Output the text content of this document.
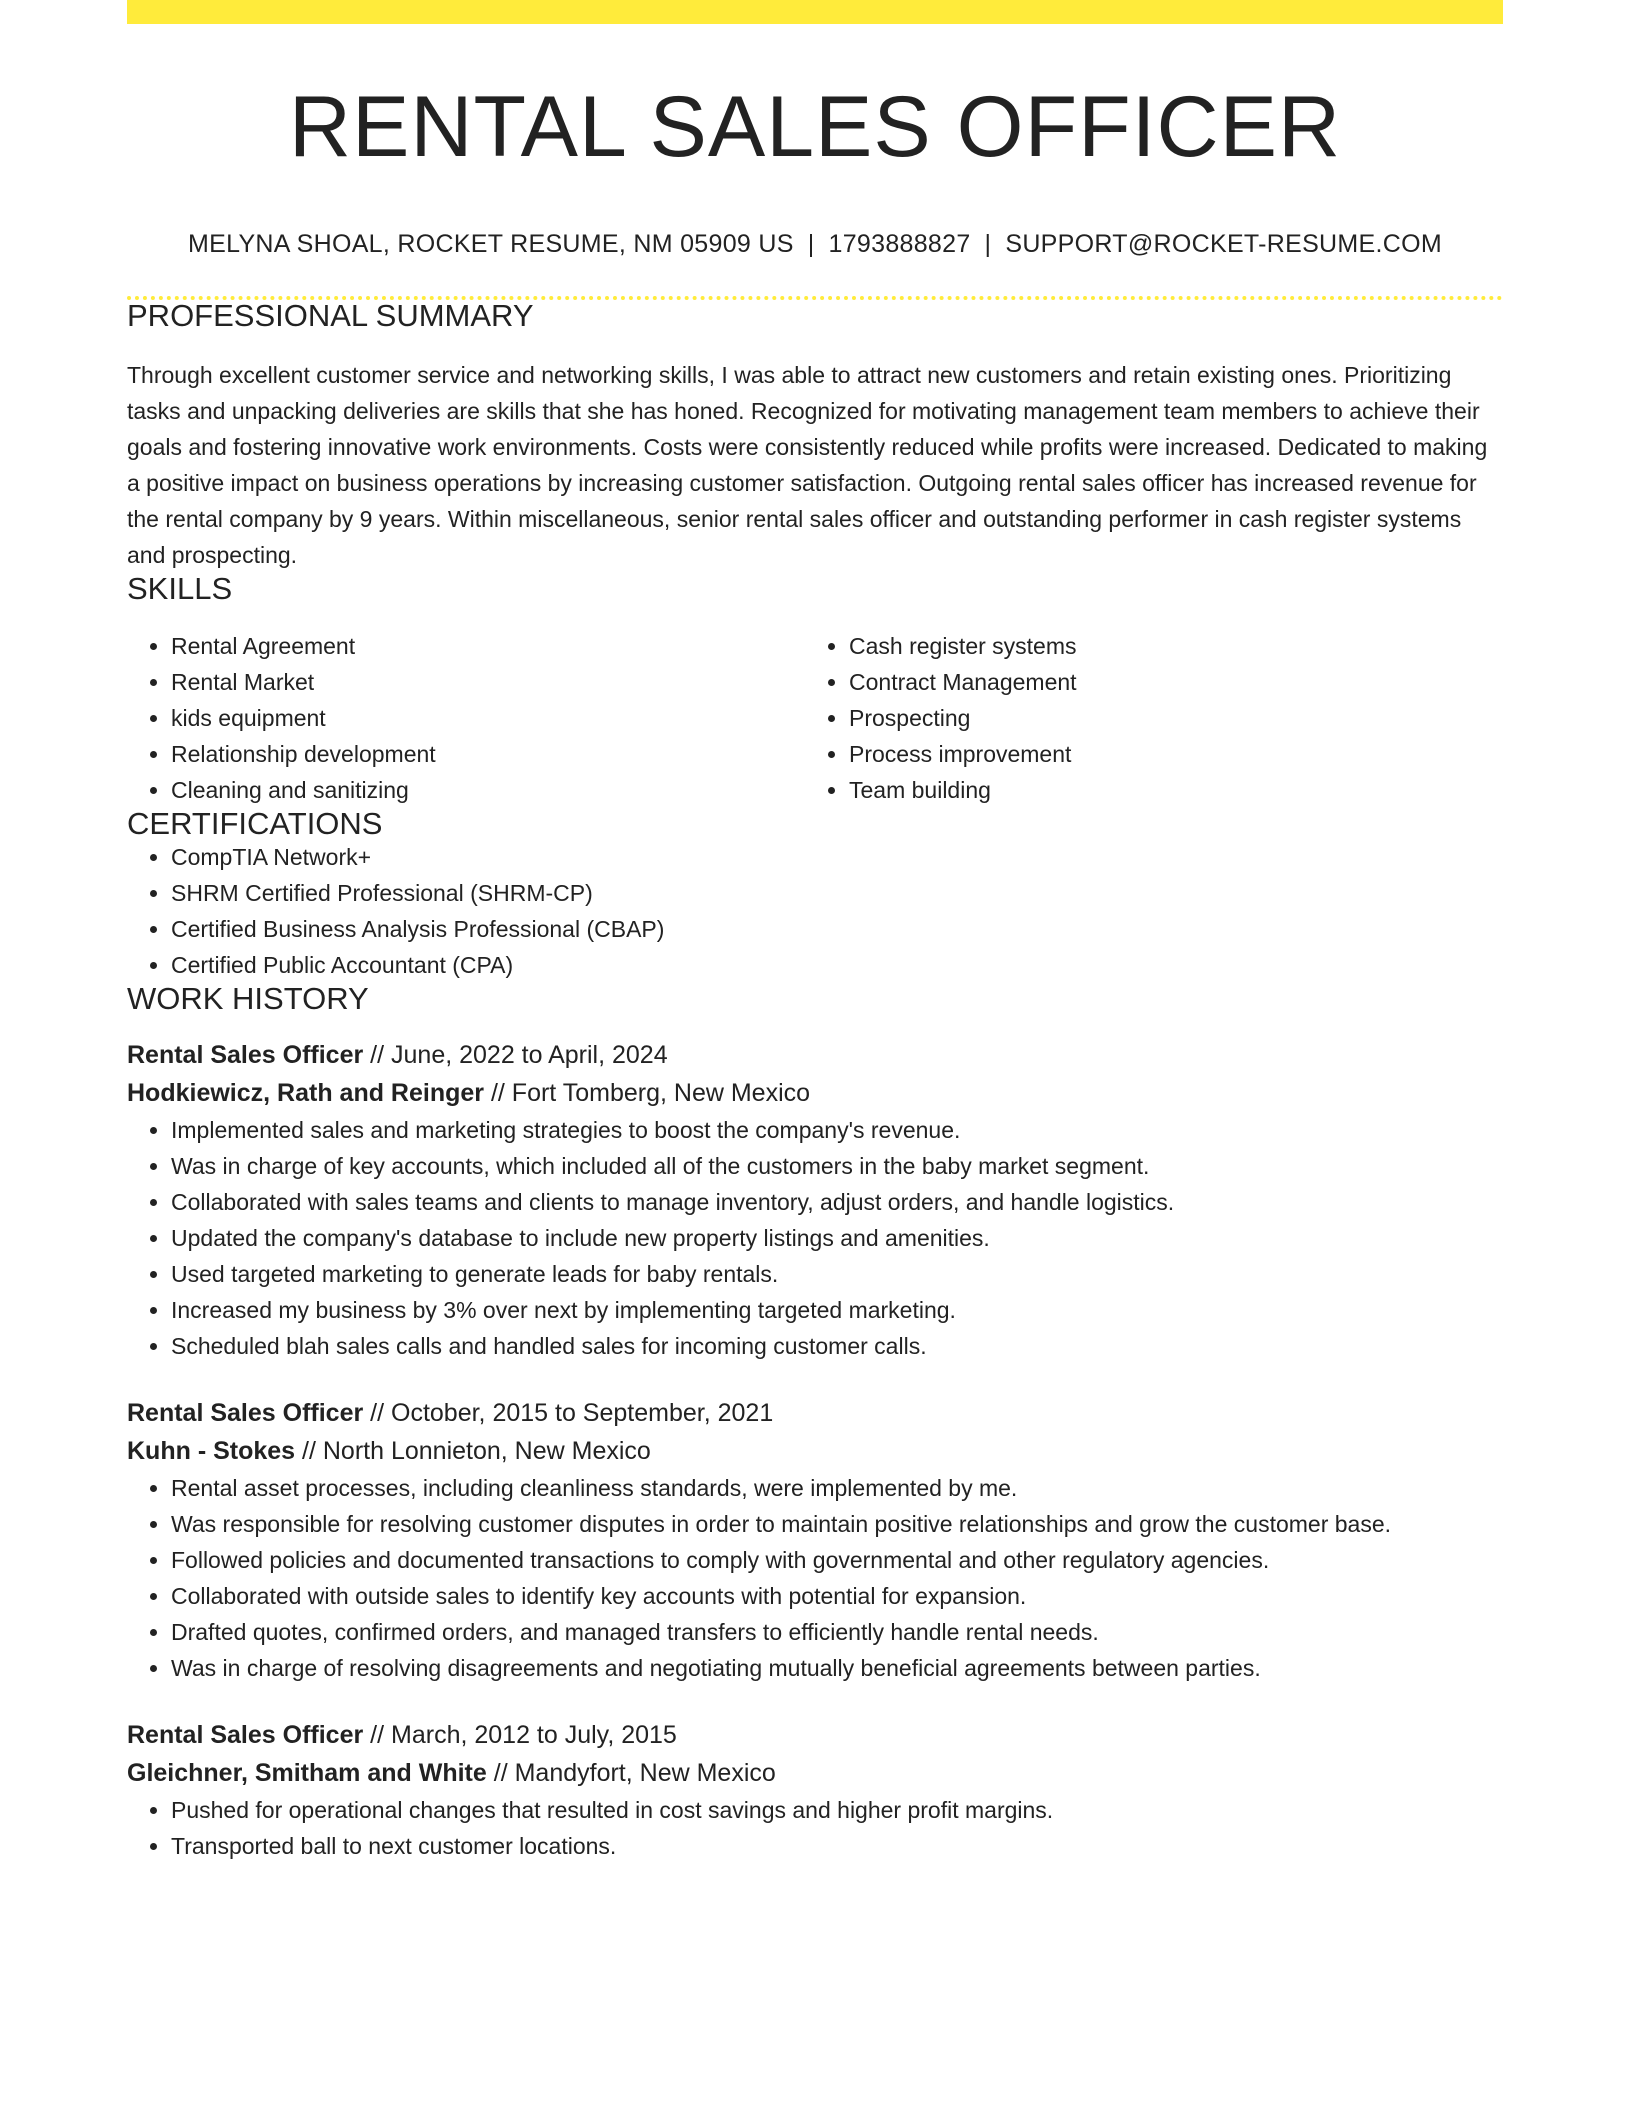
RENTAL SALES OFFICER
MELYNA SHOAL, ROCKET RESUME, NM 05909 US | 1793888827 | SUPPORT@ROCKET-RESUME.COM
PROFESSIONAL SUMMARY

Through excellent customer service and networking skills, I was able to attract new customers and retain existing ones. Prioritizing tasks and unpacking deliveries are skills that she has honed. Recognized for motivating management team members to achieve their goals and fostering innovative work environments. Costs were consistently reduced while profits were increased. Dedicated to making a positive impact on business operations by increasing customer satisfaction. Outgoing rental sales officer has increased revenue for the rental company by 9 years. Within miscellaneous, senior rental sales officer and outstanding performer in cash register systems and prospecting.

SKILLS
• Rental Agreement
• Rental Market
• kids equipment
• Relationship development
• Cleaning and sanitizing
• Cash register systems
• Contract Management
• Prospecting
• Process improvement
• Team building
CERTIFICATIONS
• CompTIA Network+
• SHRM Certified Professional (SHRM-CP)
• Certified Business Analysis Professional (CBAP)
• Certified Public Accountant (CPA)
WORK HISTORY
Rental Sales Officer // June, 2022 to April, 2024
Hodkiewicz, Rath and Reinger // Fort Tomberg, New Mexico
• Implemented sales and marketing strategies to boost the company's revenue.
• Was in charge of key accounts, which included all of the customers in the baby market segment.
• Collaborated with sales teams and clients to manage inventory, adjust orders, and handle logistics.
• Updated the company's database to include new property listings and amenities.
• Used targeted marketing to generate leads for baby rentals.
• Increased my business by 3% over next by implementing targeted marketing.
• Scheduled blah sales calls and handled sales for incoming customer calls.
Rental Sales Officer // October, 2015 to September, 2021
Kuhn - Stokes // North Lonnieton, New Mexico
• Rental asset processes, including cleanliness standards, were implemented by me.
• Was responsible for resolving customer disputes in order to maintain positive relationships and grow the customer base.
• Followed policies and documented transactions to comply with governmental and other regulatory agencies.
• Collaborated with outside sales to identify key accounts with potential for expansion.
• Drafted quotes, confirmed orders, and managed transfers to efficiently handle rental needs.
• Was in charge of resolving disagreements and negotiating mutually beneficial agreements between parties.
Rental Sales Officer // March, 2012 to July, 2015
Gleichner, Smitham and White // Mandyfort, New Mexico
• Pushed for operational changes that resulted in cost savings and higher profit margins.
• Transported ball to next customer locations.
